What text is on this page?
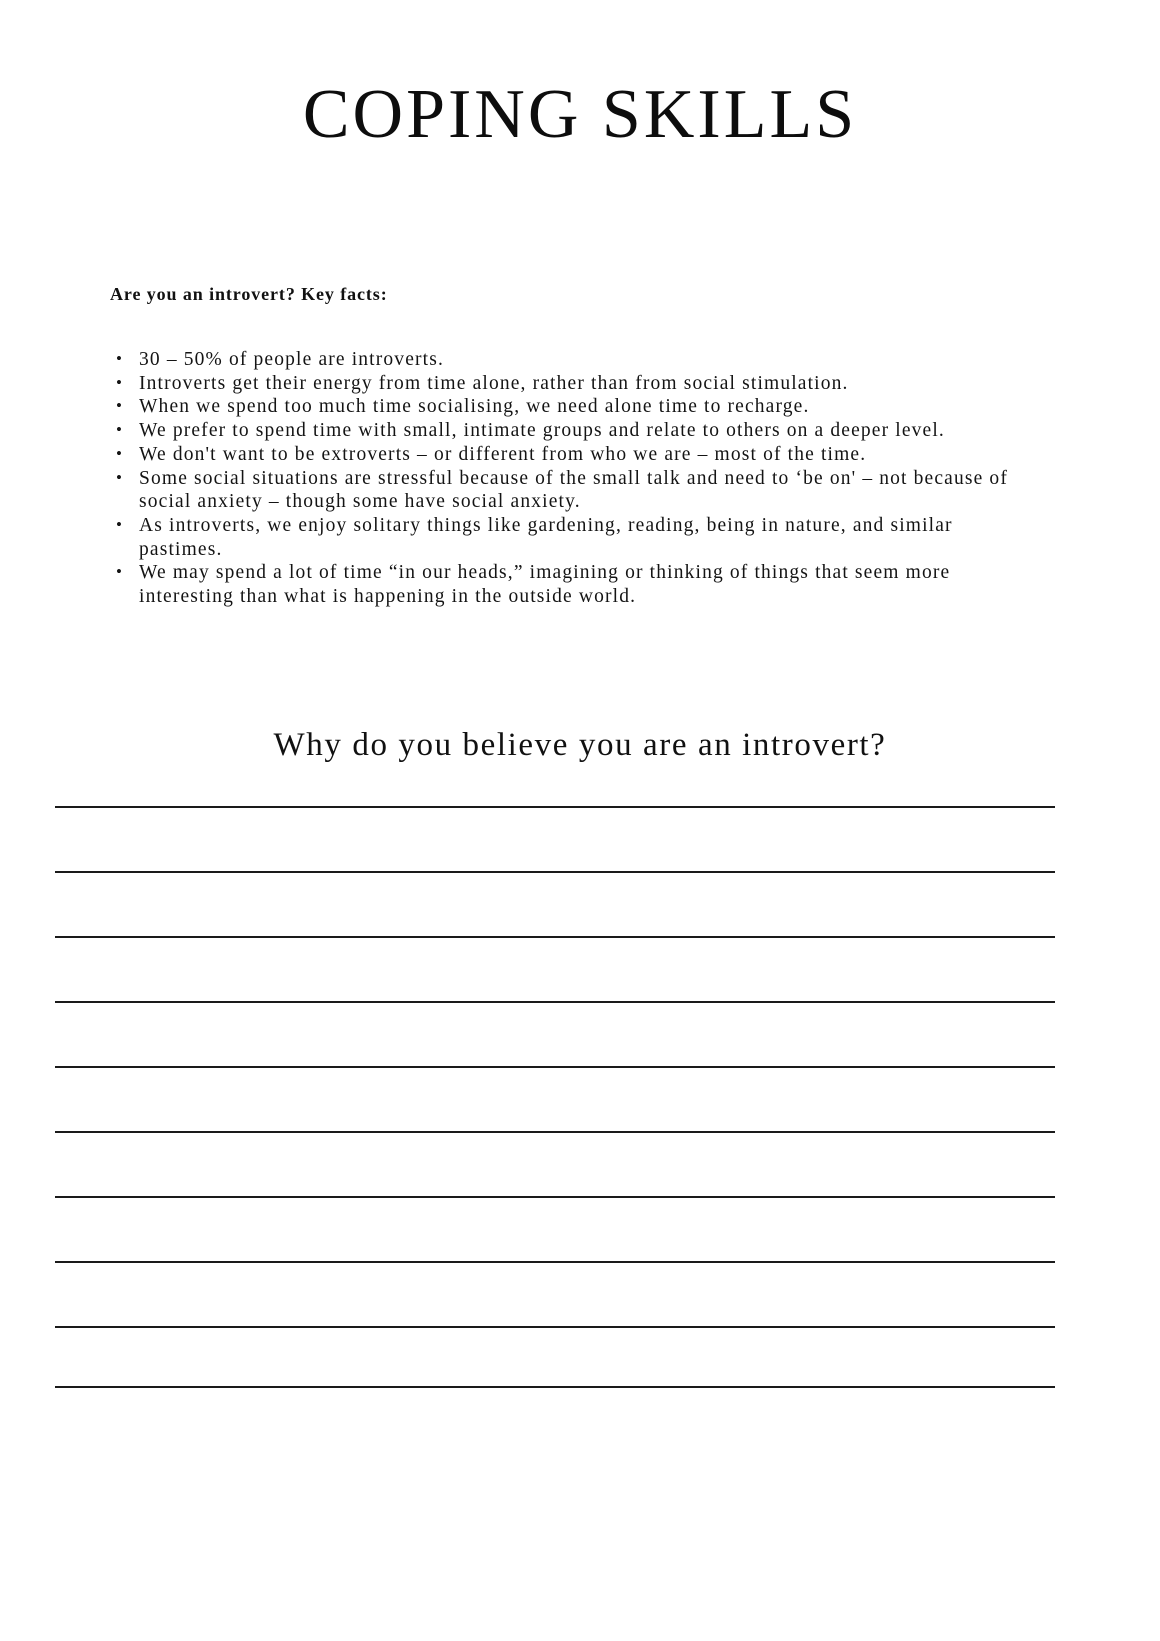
COPING SKILLS
Are you an introvert? Key facts:
• 30 – 50% of people are introverts.
• Introverts get their energy from time alone, rather than from social stimulation.
• When we spend too much time socialising, we need alone time to recharge.
• We prefer to spend time with small, intimate groups and relate to others on a deeper level.
• We don't want to be extroverts – or different from who we are – most of the time.
• Some social situations are stressful because of the small talk and need to ‘be on' – not because of social anxiety – though some have social anxiety.
• As introverts, we enjoy solitary things like gardening, reading, being in nature, and similar pastimes.
• We may spend a lot of time “in our heads,” imagining or thinking of things that seem more interesting than what is happening in the outside world.
Why do you believe you are an introvert?
